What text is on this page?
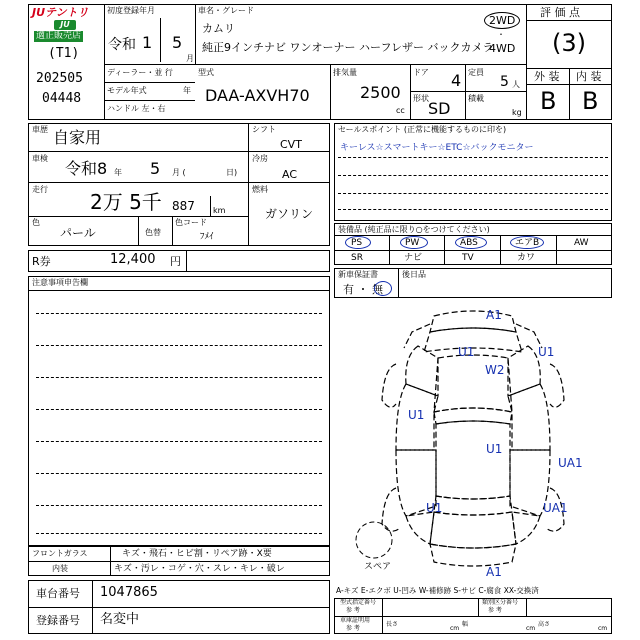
JUテントリ
JU
適正販売店
(T1)
202505
04448
初度登録年月
令和 1 5
月
車名・グレード
カムリ
純正9インチナビ ワンオーナー ハーフレザー バックカメラ
2WD
・
4WD
評 価 点
(3)
外 装 内 装
B B
ディーラー・並 行
モデル年式	年
ハンドル 左・右
型式
DAA-AXVH70
排気量
2500
cc
ドア 4
形状
SD
定員
5 人
積載
kg
車歴 自家用
車検
令和8 年 5 月 (	日)
走行
2万 5千 887 km
色
パール	色替
色コード
ﾌﾒｲ
シフト
CVT
冷房
AC
燃料
ガソリン
R券	12,400 円
注意事項申告欄
フロントガラス	キズ・飛石・ヒビ割・リペア跡・X要
内装	キズ・汚レ・コゲ・穴・スレ・キレ・破レ
車台番号 1047865
登録番号 名変中
セールスポイント (正常に機能するものに印を)
キーレス☆スマートキー☆ETC☆バックモニター
装備品 (純正品に限り○をつけてください)
PS	PW	ABS	エアB	AW
SR	ナビ	TV	カワ
新車保証書
有 ・ 無
後日品
A1
U1	U1
W2
U1
U1
UA1
U1	UA1
A1
スペア
A-キズ E-エクボ U-凹み W-補修跡 S-サビ C-腐食 XX-交換済
型式指定番号
参 考
類別区分番号
参 考
車庫証明用
参 考
長さ
cm
幅
cm
高さ
cm
